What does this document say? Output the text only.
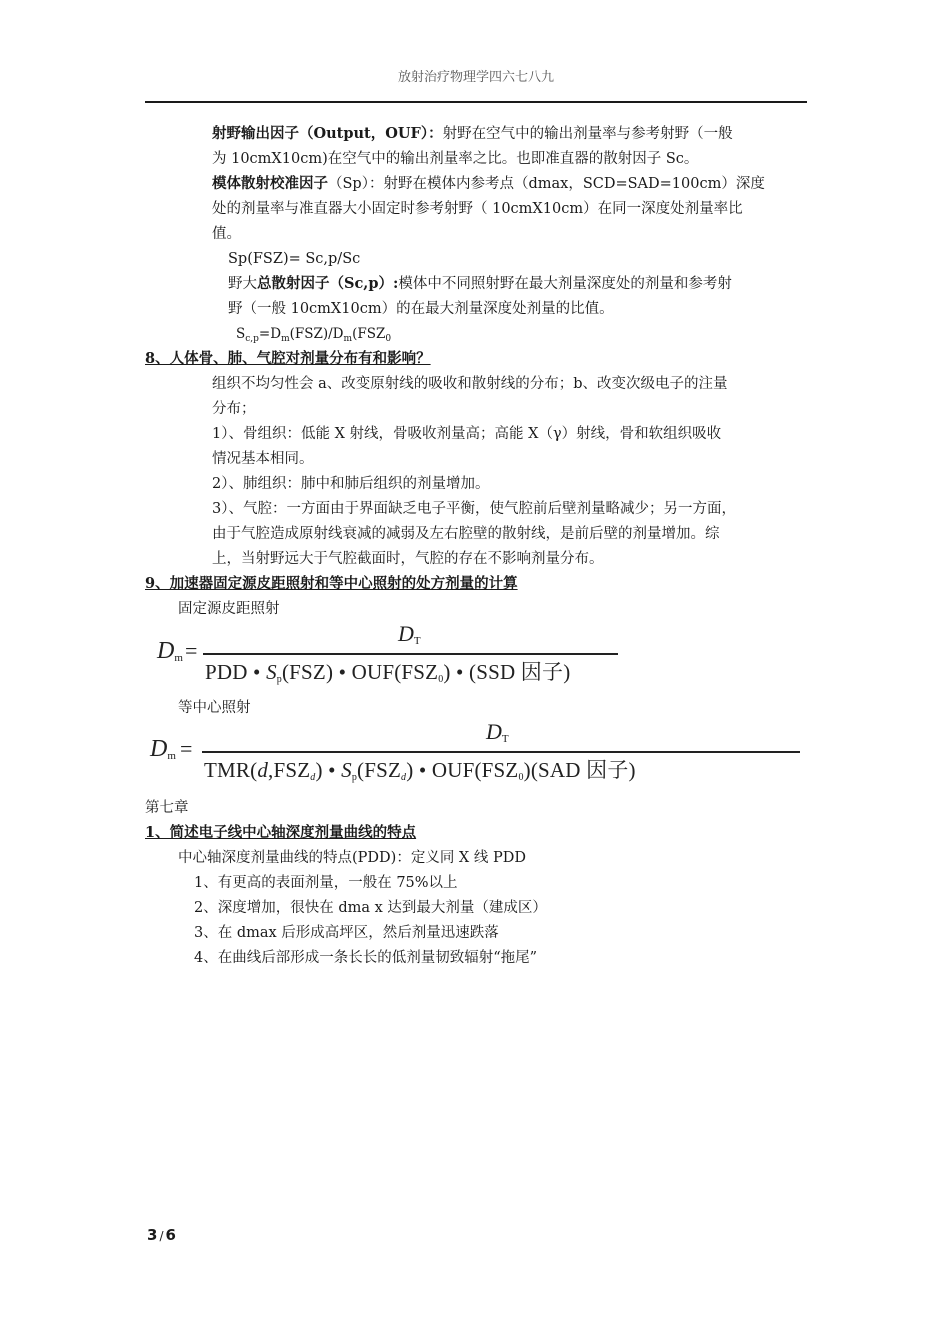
放射治疗物理学四六七八九
射野输出因子（Output，OUF）：射野在空气中的输出剂量率与参考射野（一般
为 10cmX10cm)在空气中的输出剂量率之比。也即准直器的散射因子 Sc。
模体散射校准因子（Sp）：射野在模体内参考点（dmax，SCD=SAD=100cm）深度
处的剂量率与准直器大小固定时参考射野（ 10cmX10cm）在同一深度处剂量率比
值。
Sp(FSZ)= Sc,p/Sc
野大总散射因子（Sc,p）:模体中不同照射野在最大剂量深度处的剂量和参考射
野（一般 10cmX10cm）的在最大剂量深度处剂量的比值。
$S_{c,p}=D_m(FSZ)/D_m(FSZ_0$
8、人体骨、肺、气腔对剂量分布有和影响？
组织不均匀性会 a、改变原射线的吸收和散射线的分布；b、改变次级电子的注量
分布；
1）、骨组织：低能 X 射线，骨吸收剂量高；高能 X（γ）射线，骨和软组织吸收
情况基本相同。
2）、肺组织：肺中和肺后组织的剂量增加。
3）、气腔：一方面由于界面缺乏电子平衡，使气腔前后壁剂量略减少；另一方面，
由于气腔造成原射线衰减的减弱及左右腔壁的散射线，是前后壁的剂量增加。综
上，当射野远大于气腔截面时，气腔的存在不影响剂量分布。
9、加速器固定源皮距照射和等中心照射的处方剂量的计算
固定源皮距照射
Dm =
DT
PDD • Sp(FSZ) • OUF(FSZ0) • (SSD 因子)
等中心照射
Dm =
DT
TMR(d,FSZd) • Sp(FSZd) • OUF(FSZ0)(SAD 因子)
第七章
1、简述电子线中心轴深度剂量曲线的特点
中心轴深度剂量曲线的特点(PDD)：定义同 X 线 PDD
1、有更高的表面剂量，一般在 75%以上
2、深度增加，很快在 dma x 达到最大剂量（建成区）
3、在 dmax 后形成高坪区，然后剂量迅速跌落
4、在曲线后部形成一条长长的低剂量韧致辐射“拖尾”
3 / 6
